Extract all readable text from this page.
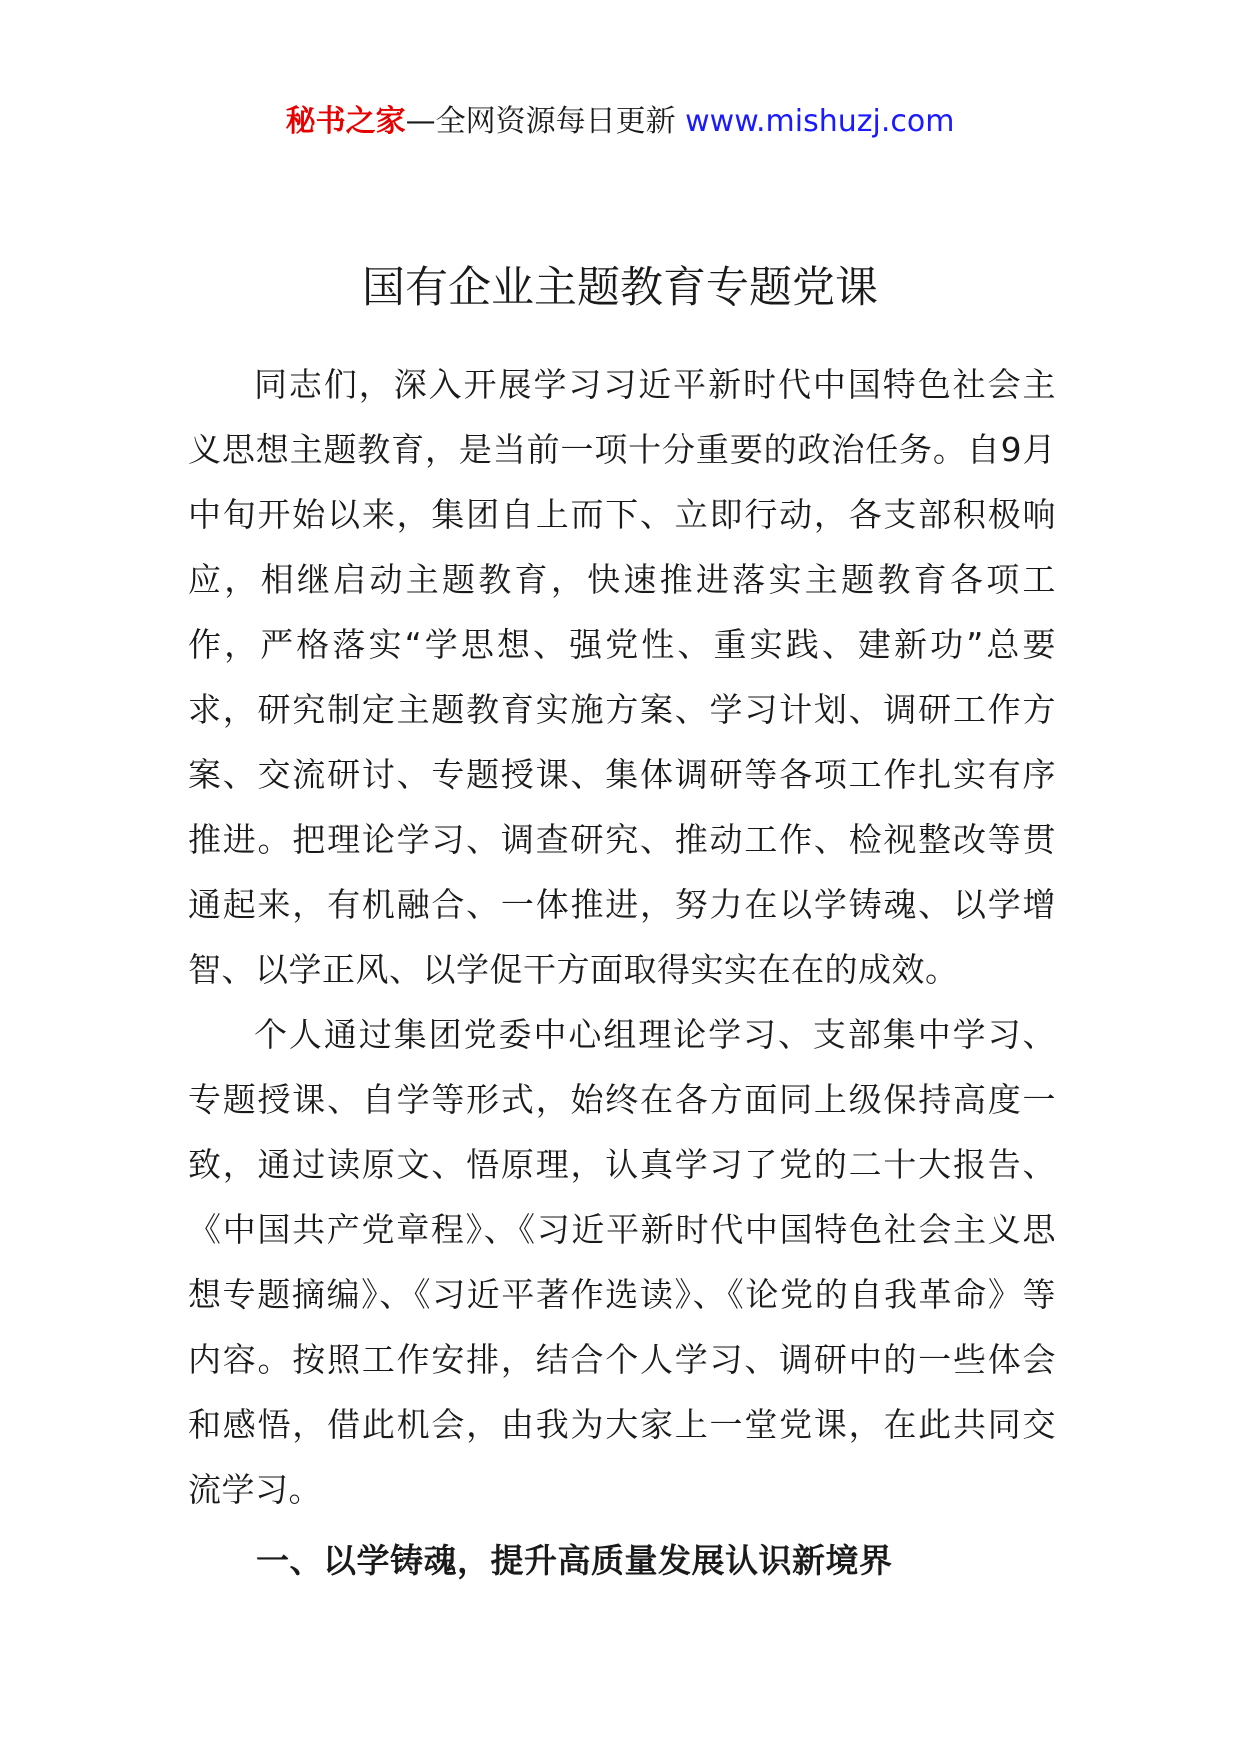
秘书之家—全网资源每日更新 www.mishuzj.com
国有企业主题教育专题党课

同志们，深入开展学习习近平新时代中国特色社会主义思想主题教育，是当前一项十分重要的政治任务。自9月中旬开始以来，集团自上而下、立即行动，各支部积极响应，相继启动主题教育，快速推进落实主题教育各项工作，严格落实“学思想、强党性、重实践、建新功”总要求，研究制定主题教育实施方案、学习计划、调研工作方案、交流研讨、专题授课、集体调研等各项工作扎实有序推进。把理论学习、调查研究、推动工作、检视整改等贯通起来，有机融合、一体推进，努力在以学铸魂、以学增智、以学正风、以学促干方面取得实实在在的成效。

个人通过集团党委中心组理论学习、支部集中学习、专题授课、自学等形式，始终在各方面同上级保持高度一致，通过读原文、悟原理，认真学习了党的二十大报告、《中国共产党章程》、《习近平新时代中国特色社会主义思想专题摘编》、《习近平著作选读》、《论党的自我革命》等内容。按照工作安排，结合个人学习、调研中的一些体会和感悟，借此机会，由我为大家上一堂党课，在此共同交流学习。

一、以学铸魂，提升高质量发展认识新境界
